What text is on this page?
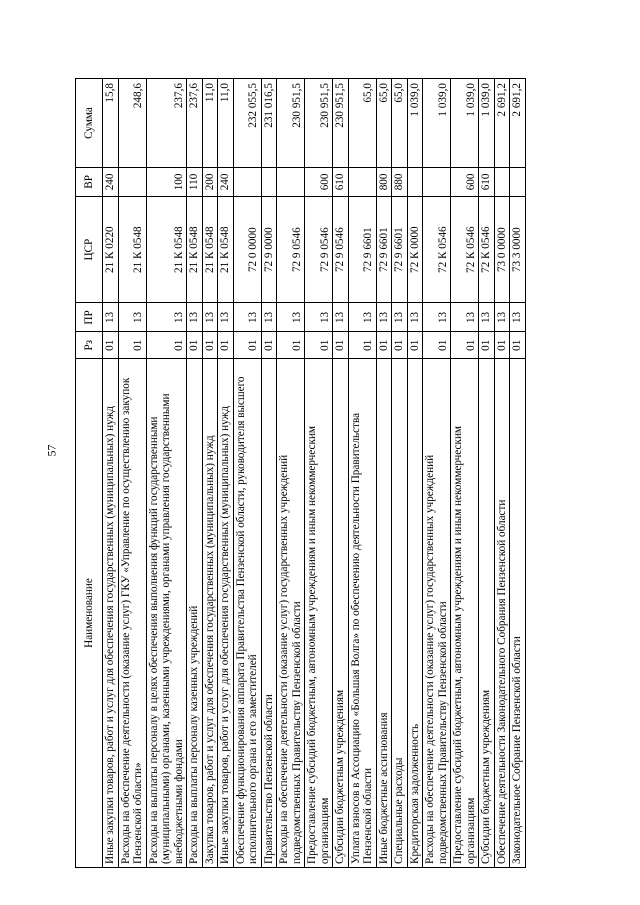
57
Наименование	Рз	ПР	ЦСР	ВР	Сумма
Иные закупки товаров, работ и услуг для обеспечения государственных (муниципальных) нужд	01	13	21 К 0220	240	15,8
Расходы на обеспечение деятельности (оказание услуг) ГКУ «Управление по осуществлению закупок Пензенской области»	01	13	21 К 0548		248,6
Расходы на выплаты персоналу в целях обеспечения выполнения функций государственными (муниципальными) органами, казенными учреждениями, органами управления государственными внебюджетными фондами	01	13	21 К 0548	100	237,6
Расходы на выплаты персоналу казенных учреждений	01	13	21 К 0548	110	237,6
Закупка товаров, работ и услуг для обеспечения государственных (муниципальных) нужд	01	13	21 К 0548	200	11,0
Иные закупки товаров, работ и услуг для обеспечения государственных (муниципальных) нужд	01	13	21 К 0548	240	11,0
Обеспечение функционирования аппарата Правительства Пензенской области, руководителя высшего исполнительного органа и его заместителей	01	13	72 0 0000		232 055,5
Правительство Пензенской области	01	13	72 9 0000		231 016,5
Расходы на обеспечение деятельности (оказание услуг) государственных учреждений подведомственных Правительству Пензенской области	01	13	72 9 0546		230 951,5
Предоставление субсидий бюджетным, автономным учреждениям и иным некоммерческим организациям	01	13	72 9 0546	600	230 951,5
Субсидии бюджетным учреждениям	01	13	72 9 0546	610	230 951,5
Уплата взносов в Ассоциацию «Большая Волга» по обеспечению деятельности Правительства Пензенской области	01	13	72 9 6601		65,0
Иные бюджетные ассигнования	01	13	72 9 6601	800	65,0
Специальные расходы	01	13	72 9 6601	880	65,0
Кредиторская задолженность	01	13	72 К 0000		1 039,0
Расходы на обеспечение деятельности (оказание услуг) государственных учреждений подведомственных Правительству Пензенской области	01	13	72 К 0546		1 039,0
Предоставление субсидий бюджетным, автономным учреждениям и иным некоммерческим организациям	01	13	72 К 0546	600	1 039,0
Субсидии бюджетным учреждениям	01	13	72 К 0546	610	1 039,0
Обеспечение деятельности Законодательного Собрания Пензенской области	01	13	73 0 0000		2 691,2
Законодательное Собрание Пензенской области	01	13	73 3 0000		2 691,2
